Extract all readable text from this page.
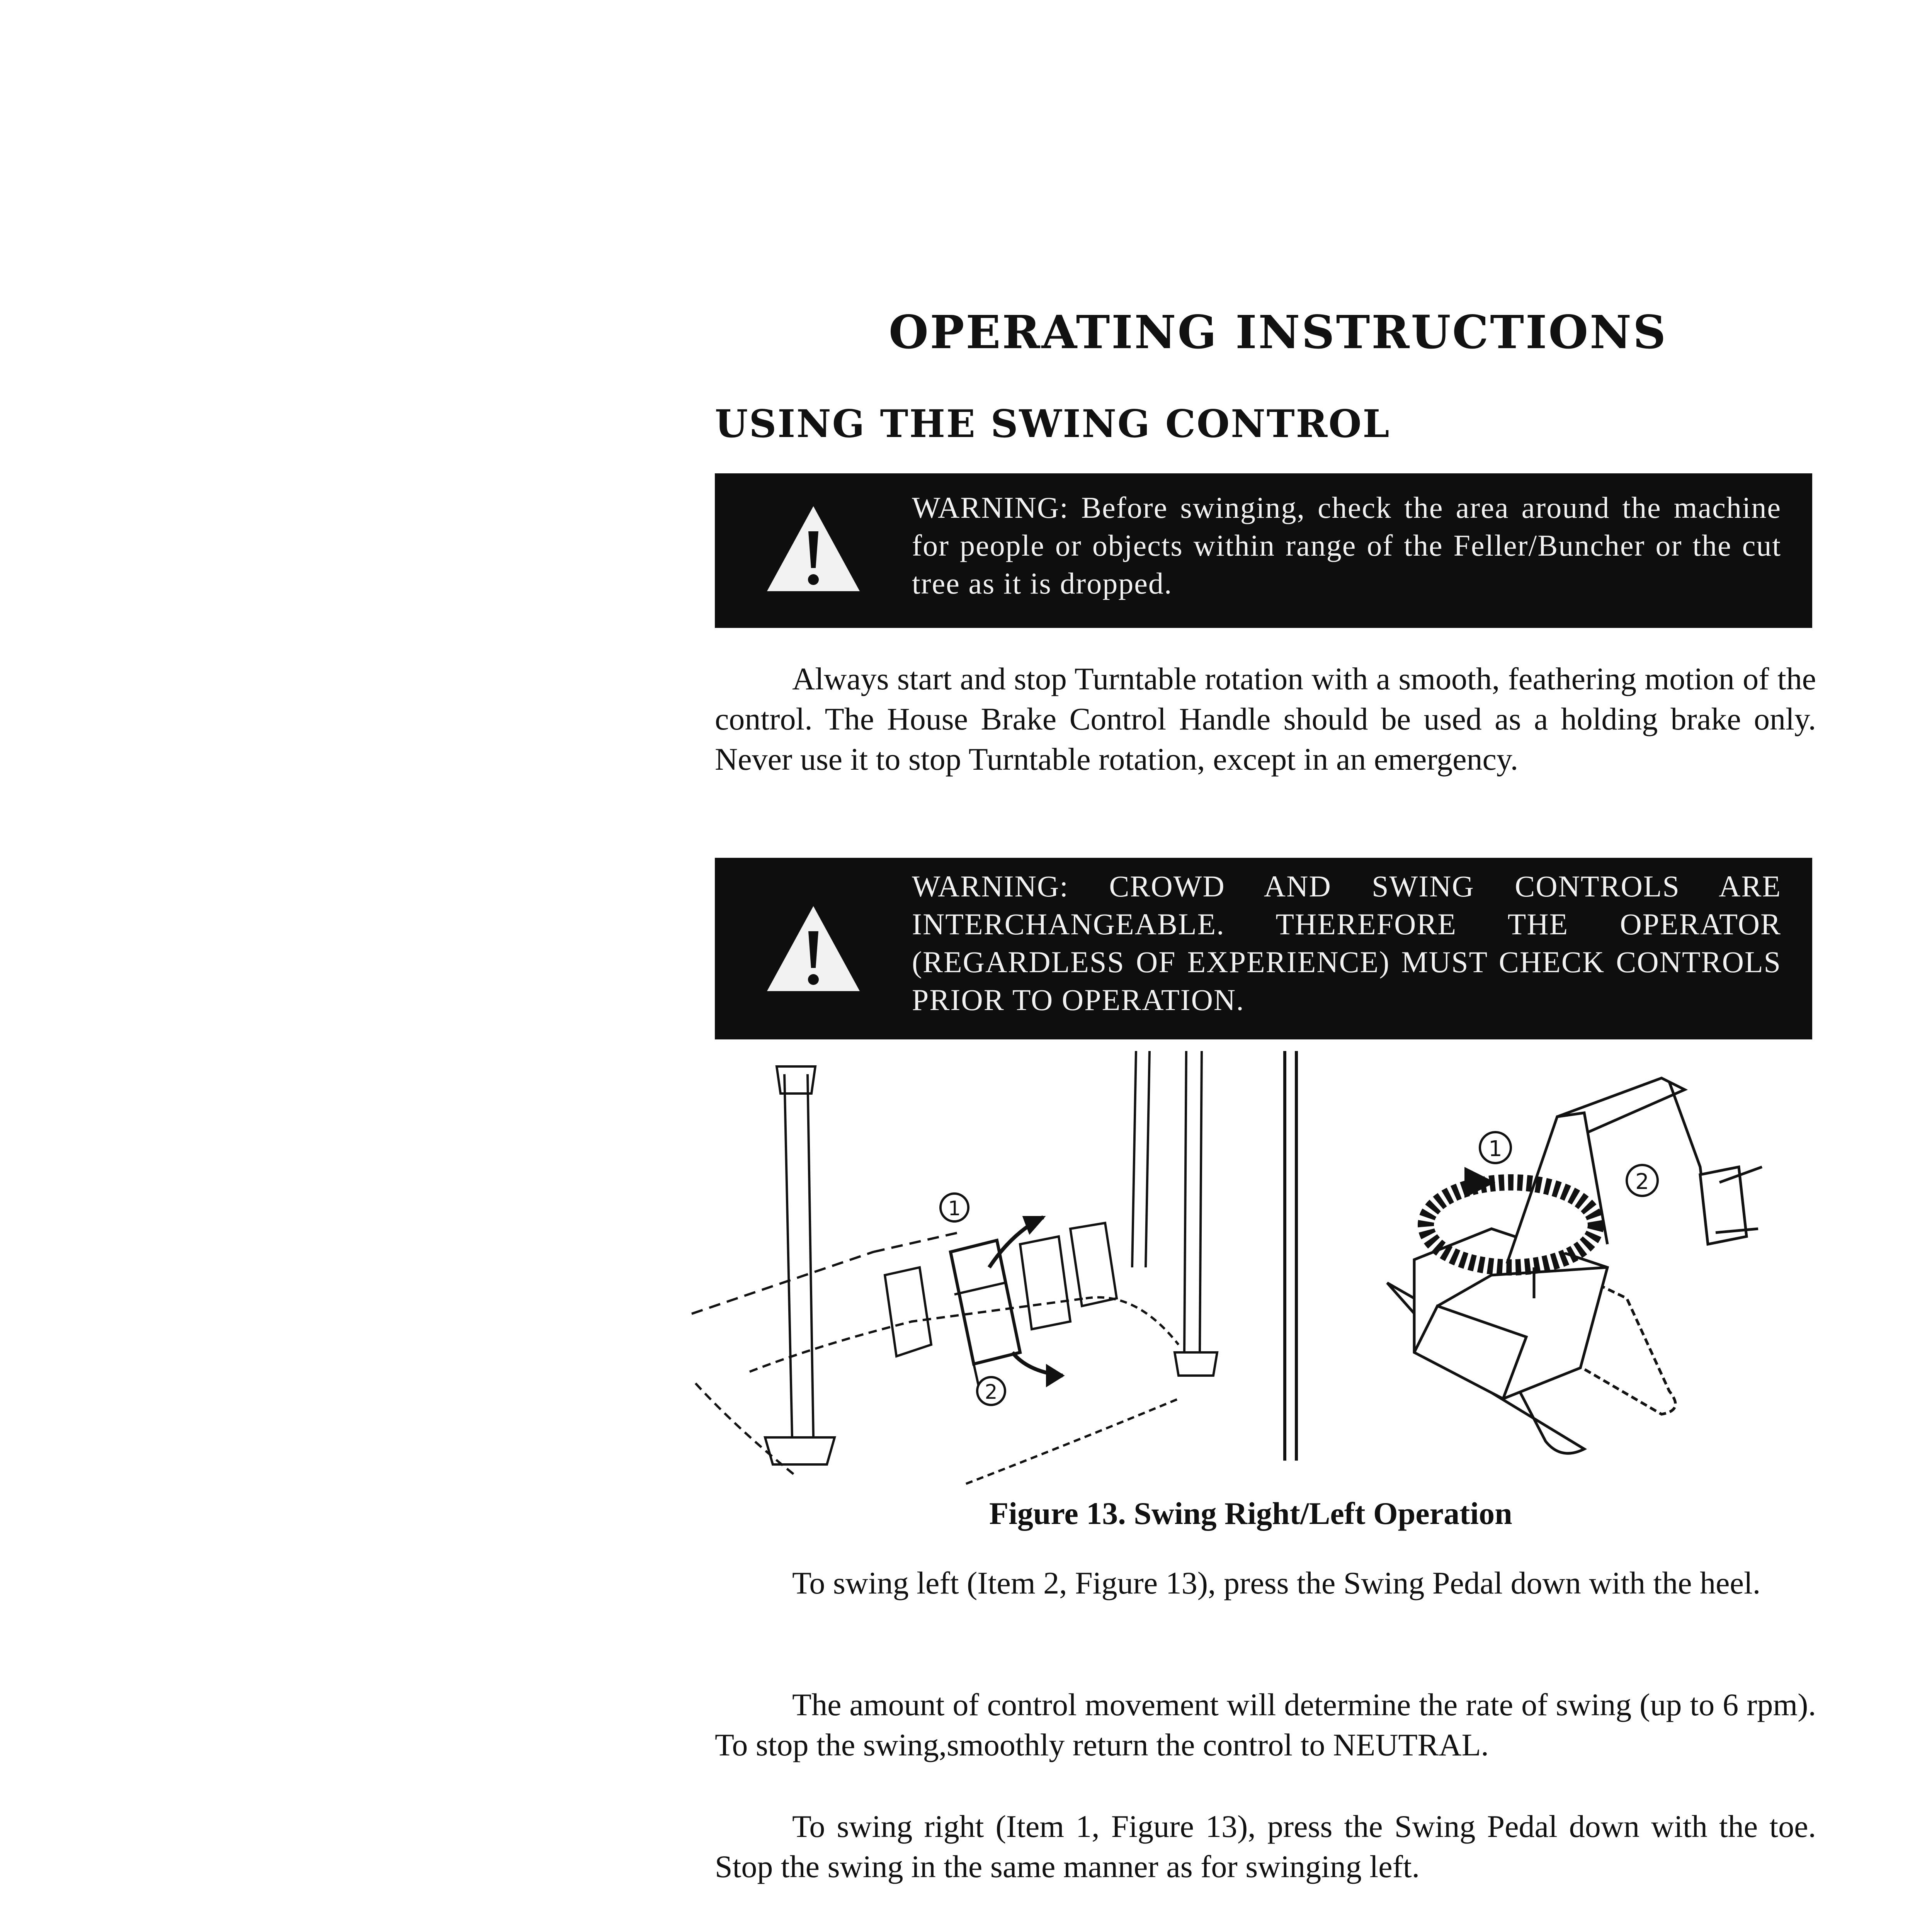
OPERATING INSTRUCTIONS
USING THE SWING CONTROL
WARNING: Before swinging, check the area around the machine for people or objects within range of the Feller/Buncher or the cut tree as it is dropped.
Always start and stop Turntable rotation with a smooth, feathering motion of the control. The House Brake Control Handle should be used as a holding brake only. Never use it to stop Turntable rotation, except in an emergency.
WARNING: CROWD AND SWING CONTROLS ARE INTERCHANGEABLE. THEREFORE THE OPERATOR (REGARDLESS OF EXPERIENCE) MUST CHECK CONTROLS PRIOR TO OPERATION.
1
2
1
2
Figure 13. Swing Right/Left Operation
To swing left (Item 2, Figure 13), press the Swing Pedal down with the heel.
The amount of control movement will determine the rate of swing (up to 6 rpm). To stop the swing,smoothly return the control to NEUTRAL.
To swing right (Item 1, Figure 13), press the Swing Pedal down with the toe. Stop the swing in the same manner as for swinging left.
